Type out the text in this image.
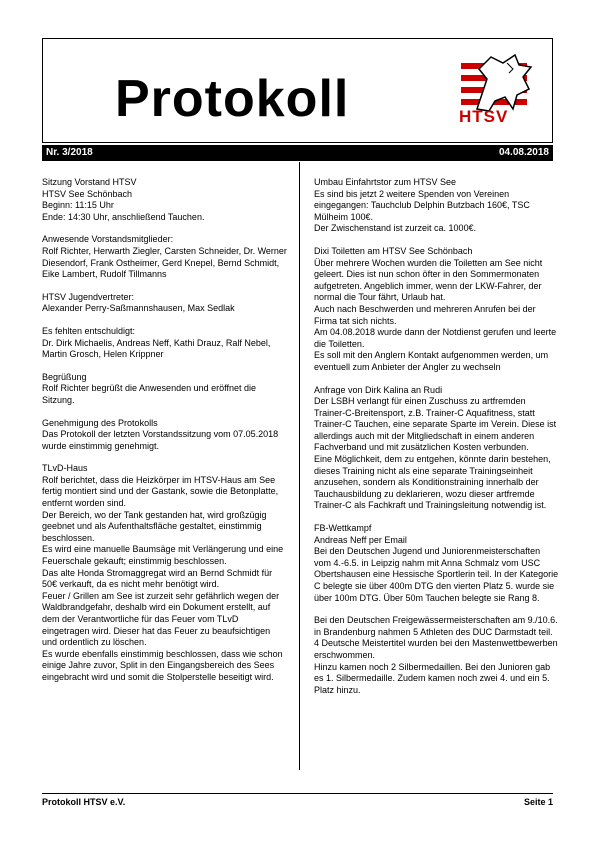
Protokoll	HTSV
Nr. 3/2018	04.08.2018

Sitzung Vorstand HTSV

HTSV See Schönbach

Beginn: 11:15 Uhr

Ende: 14:30 Uhr, anschließend Tauchen.

Anwesende Vorstandsmitglieder:

Rolf Richter, Herwarth Ziegler, Carsten Schneider, Dr. Werner Diesendorf, Frank Ostheimer, Gerd Knepel, Bernd Schmidt, Eike Lambert, Rudolf Tillmanns

HTSV Jugendvertreter:

Alexander Perry-Saßmannshausen, Max Sedlak

Es fehlten entschuldigt:

Dr. Dirk Michaelis, Andreas Neff, Kathi Drauz, Ralf Nebel, Martin Grosch, Helen Krippner

Begrüßung

Rolf Richter begrüßt die Anwesenden und eröffnet die Sitzung.

Genehmigung des Protokolls

Das Protokoll der letzten Vorstandssitzung vom 07.05.2018 wurde einstimmig genehmigt.

TLvD-Haus

Rolf berichtet, dass die Heizkörper im HTSV-Haus am See fertig montiert sind und der Gastank, sowie die Betonplatte, entfernt worden sind.

Der Bereich, wo der Tank gestanden hat, wird großzügig geebnet und als Aufenthaltsfläche gestaltet, einstimmig beschlossen.

Es wird eine manuelle Baumsäge mit Verlängerung und eine Feuerschale gekauft; einstimmig beschlossen.

Das alte Honda Stromaggregat wird an Bernd Schmidt für 50€ verkauft, da es nicht mehr benötigt wird.

Feuer / Grillen am See ist zurzeit sehr gefährlich wegen der Waldbrandgefahr, deshalb wird ein Dokument erstellt, auf dem der Verantwortliche für das Feuer vom TLvD eingetragen wird. Dieser hat das Feuer zu beaufsichtigen und ordentlich zu löschen.

Es wurde ebenfalls einstimmig beschlossen, dass wie schon einige Jahre zuvor, Split in den Eingangsbereich des Sees eingebracht wird und somit die Stolperstelle beseitigt wird.

Umbau Einfahrtstor zum HTSV See

Es sind bis jetzt 2 weitere Spenden von Vereinen eingegangen: Tauchclub Delphin Butzbach 160€, TSC Mülheim 100€.

Der Zwischenstand ist zurzeit ca. 1000€.

Dixi Toiletten am HTSV See Schönbach

Über mehrere Wochen wurden die Toiletten am See nicht geleert. Dies ist nun schon öfter in den Sommermonaten aufgetreten. Angeblich immer, wenn der LKW-Fahrer, der normal die Tour fährt, Urlaub hat.

Auch nach Beschwerden und mehreren Anrufen bei der Firma tat sich nichts.

Am 04.08.2018 wurde dann der Notdienst gerufen und leerte die Toiletten.

Es soll mit den Anglern Kontakt aufgenommen werden, um eventuell zum Anbieter der Angler zu wechseln

Anfrage von Dirk Kalina an Rudi

Der LSBH verlangt für einen Zuschuss zu artfremden Trainer-C-Breitensport, z.B. Trainer-C Aquafitness, statt Trainer-C Tauchen, eine separate Sparte im Verein. Diese ist allerdings auch mit der Mitgliedschaft in einem anderen Fachverband und mit zusätzlichen Kosten verbunden.

Eine Möglichkeit, dem zu entgehen, könnte darin bestehen, dieses Training nicht als eine separate Trainingseinheit anzusehen, sondern als Konditionstraining innerhalb der Tauchausbildung zu deklarieren, wozu dieser artfremde Trainer-C als Fachkraft und Trainingsleitung notwendig ist.

FB-Wettkampf

Andreas Neff per Email

Bei den Deutschen Jugend und Juniorenmeisterschaften vom 4.-6.5. in Leipzig nahm mit Anna Schmalz vom USC Obertshausen eine Hessische Sportlerin teil. In der Kategorie C belegte sie über 400m DTG den vierten Platz 5. wurde sie über 100m DTG. Über 50m Tauchen belegte sie Rang 8.

Bei den Deutschen Freigewässermeisterschaften am 9./10.6. in Brandenburg nahmen 5 Athleten des DUC Darmstadt teil. 4 Deutsche Meistertitel wurden bei den Mastenwettbewerben erschwommen.

Hinzu kamen noch 2 Silbermedaillen. Bei den Junioren gab es 1. Silbermedaille. Zudem kamen noch zwei 4. und ein 5. Platz hinzu.

Protokoll HTSV e.V.	Seite 1
